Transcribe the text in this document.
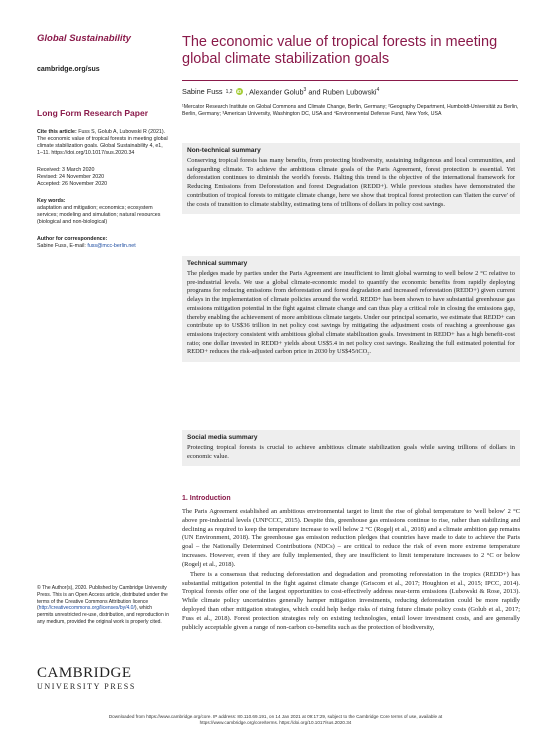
Global Sustainability
cambridge.org/sus
Long Form Research Paper
Cite this article: Fuss S, Golub A, Lubowski R (2021). The economic value of tropical forests in meeting global climate stabilization goals. Global Sustainability 4, e1, 1–11. https://doi.org/10.1017/sus.2020.34
Received: 3 March 2020
Revised: 24 November 2020
Accepted: 26 November 2020
Key words:
adaptation and mitigation; economics; ecosystem services; modeling and simulation; natural resources (biological and non-biological)
Author for correspondence:
Sabine Fuss, E-mail: fuss@mcc-berlin.net
© The Author(s), 2020. Published by Cambridge University Press. This is an Open Access article, distributed under the terms of the Creative Commons Attribution licence (http://creativecommons.org/licenses/by/4.0/), which permits unrestricted re-use, distribution, and reproduction in any medium, provided the original work is properly cited.
CAMBRIDGE
UNIVERSITY PRESS
The economic value of tropical forests in meeting global climate stabilization goals
Sabine Fuss 1,2 iD , Alexander Golub$^3$ and Ruben Lubowski$^4$
¹Mercator Research Institute on Global Commons and Climate Change, Berlin, Germany; ²Geography Department, Humboldt-Universität zu Berlin, Berlin, Germany; ³American University, Washington DC, USA and ⁴Environmental Defense Fund, New York, USA
Non-technical summary
Conserving tropical forests has many benefits, from protecting biodiversity, sustaining indigenous and local communities, and safeguarding climate. To achieve the ambitious climate goals of the Paris Agreement, forest protection is essential. Yet deforestation continues to diminish the world's forests. Halting this trend is the objective of the international framework for Reducing Emissions from Deforestation and forest Degradation (REDD+). While previous studies have demonstrated the contribution of tropical forests to mitigate climate change, here we show that tropical forest protection can 'flatten the curve' of the costs of transition to climate stability, estimating tens of trillions of dollars in policy cost savings.
Technical summary
The pledges made by parties under the Paris Agreement are insufficient to limit global warming to well below 2 °C relative to pre-industrial levels. We use a global climate-economic model to quantify the economic benefits from rapidly deploying programs for reducing emissions from deforestation and forest degradation and increased reforestation (REDD+) given current delays in the implementation of climate policies around the world. REDD+ has been shown to have substantial greenhouse gas emissions mitigation potential in the fight against climate change and can thus play a critical role in closing the emissions gap, thereby enabling the achievement of more ambitious climate targets. Under our principal scenario, we estimate that REDD+ can contribute up to US$36 trillion in net policy cost savings by mitigating the adjustment costs of reaching a greenhouse gas emissions trajectory consistent with ambitious global climate stabilization goals. Investment in REDD+ has a high benefit-cost ratio; one dollar invested in REDD+ yields about US$5.4 in net policy cost savings. Realizing the full estimated potential for REDD+ reduces the risk-adjusted carbon price in 2030 by US$45/tCO₂.
Social media summary
Protecting tropical forests is crucial to achieve ambitious climate stabilization goals while saving trillions of dollars in economic value.
1. Introduction

The Paris Agreement established an ambitious environmental target to limit the rise of global temperature to 'well below' 2 °C above pre-industrial levels (UNFCCC, 2015). Despite this, greenhouse gas emissions continue to rise, rather than stabilizing and declining as required to keep the temperature increase to well below 2 °C (Rogelj et al., 2018) and a climate ambition gap remains (UN Environment, 2018). The greenhouse gas emission reduction pledges that countries have made to date to achieve the Paris goal – the Nationally Determined Contributions (NDCs) – are critical to reduce the risk of even more extreme temperature increases. However, even if they are fully implemented, they are insufficient to limit temperature increases to 2 °C or below (Rogelj et al., 2018).

There is a consensus that reducing deforestation and degradation and promoting reforestation in the tropics (REDD+) has substantial mitigation potential in the fight against climate change (Griscom et al., 2017; Houghton et al., 2015; IPCC, 2014). Tropical forests offer one of the largest opportunities to cost-effectively address near-term emissions (Lubowski & Rose, 2013). While climate policy uncertainties generally hamper mitigation investments, reducing deforestation could be more rapidly deployed than other mitigation strategies, which could help hedge risks of rising future climate policy costs (Golub et al., 2017; Fuss et al., 2018). Forest protection strategies rely on existing technologies, entail lower investment costs, and are generally publicly acceptable given a range of non-carbon co-benefits such as the protection of biodiversity,

Downloaded from https://www.cambridge.org/core. IP address: 80.110.69.191, on 14 Jan 2021 at 09:17:29, subject to the Cambridge Core terms of use, available at
https://www.cambridge.org/core/terms. https://doi.org/10.1017/sus.2020.34
